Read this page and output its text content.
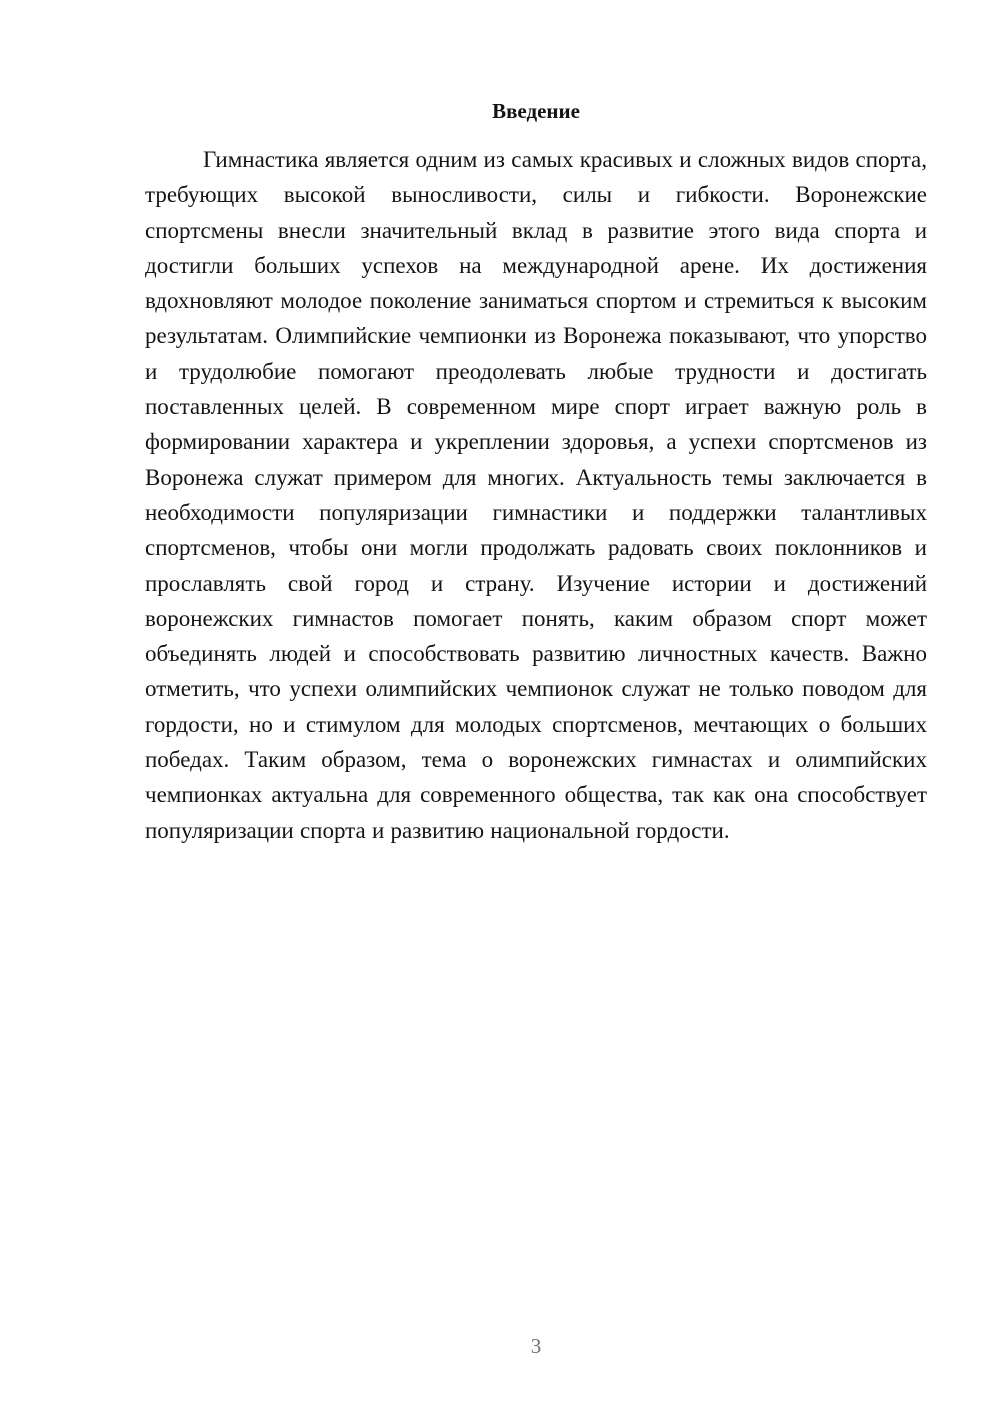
Введение

Гимнастика является одним из самых красивых и сложных видов спорта, требующих высокой выносливости, силы и гибкости. Воронежские спортсмены внесли значительный вклад в развитие этого вида спорта и достигли больших успехов на международной арене. Их достижения вдохновляют молодое поколение заниматься спортом и стремиться к высоким результатам. Олимпийские чемпионки из Воронежа показывают, что упорство и трудолюбие помогают преодолевать любые трудности и достигать поставленных целей. В современном мире спорт играет важную роль в формировании характера и укреплении здоровья, а успехи спортсменов из Воронежа служат примером для многих. Актуальность темы заключается в необходимости популяризации гимнастики и поддержки талантливых спортсменов, чтобы они могли продолжать радовать своих поклонников и прославлять свой город и страну. Изучение истории и достижений воронежских гимнастов помогает понять, каким образом спорт может объединять людей и способствовать развитию личностных качеств. Важно отметить, что успехи олимпийских чемпионок служат не только поводом для гордости, но и стимулом для молодых спортсменов, мечтающих о больших победах. Таким образом, тема о воронежских гимнастах и олимпийских чемпионках актуальна для современного общества, так как она способствует популяризации спорта и развитию национальной гордости.

3
